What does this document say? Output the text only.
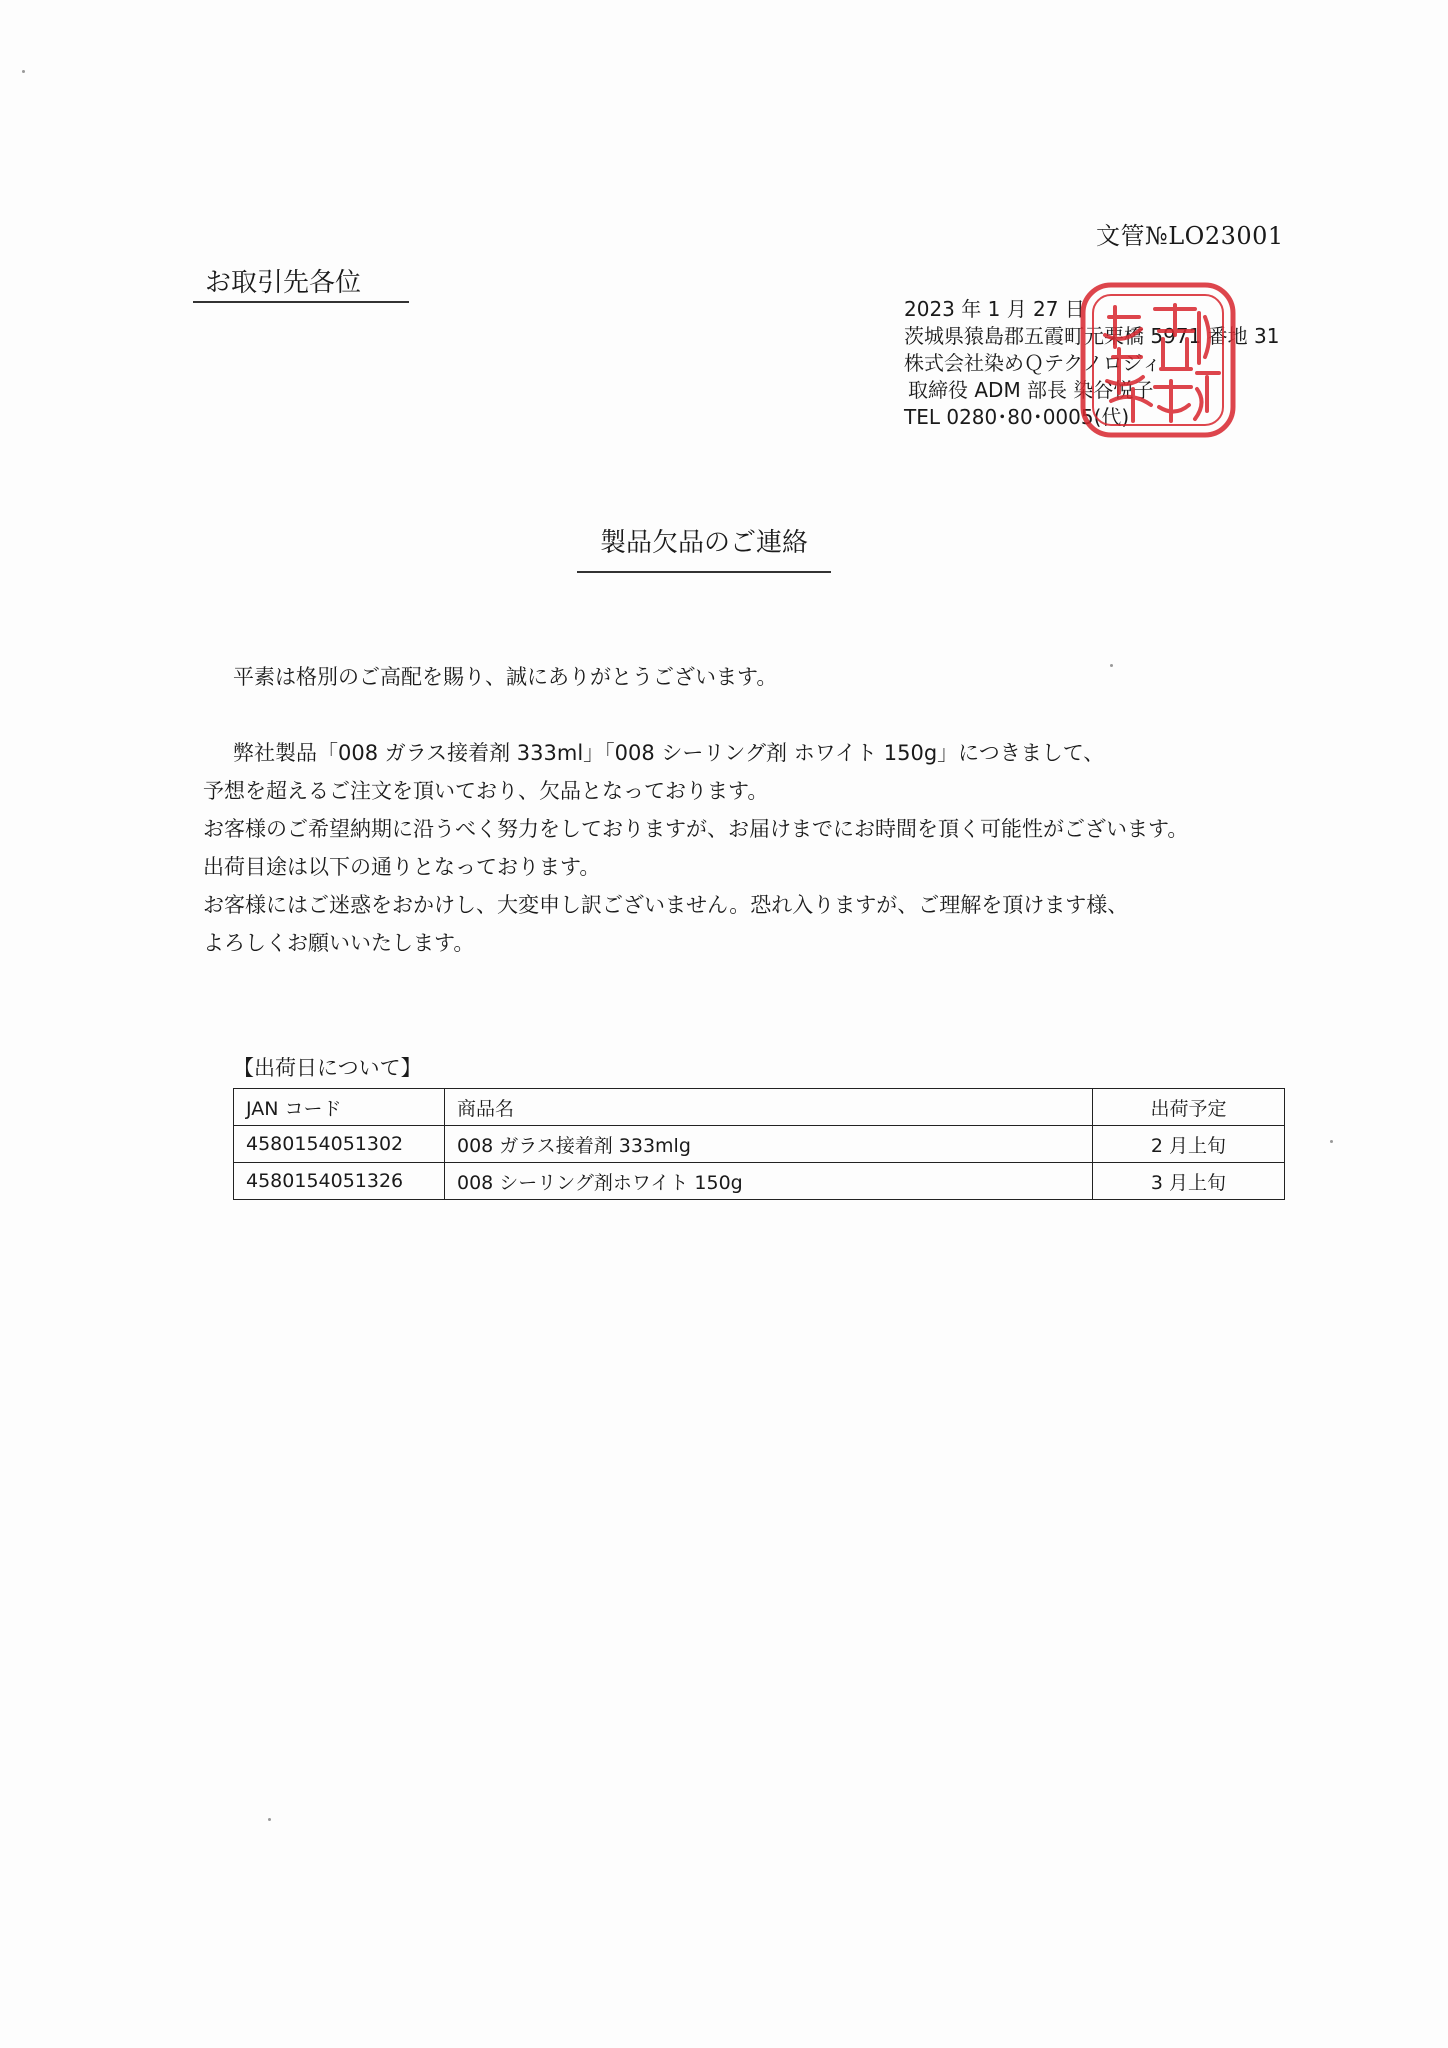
文管№LO23001
お取引先各位
2023 年 1 月 27 日
茨城県猿島郡五霞町元栗橋 5971 番地 31
株式会社染めＱテクノロジィ
取締役 ADM 部長 染谷悦子
TEL 0280･80･0005(代)
製品欠品のご連絡

平素は格別のご高配を賜り、誠にありがとうございます。

弊社製品「008 ガラス接着剤 333ml」「008 シーリング剤 ホワイト 150g」につきまして、

予想を超えるご注文を頂いており、欠品となっております。

お客様のご希望納期に沿うべく努力をしておりますが、お届けまでにお時間を頂く可能性がございます。

出荷目途は以下の通りとなっております。

お客様にはご迷惑をおかけし、大変申し訳ございません。恐れ入りますが、ご理解を頂けます様、

よろしくお願いいたします。

【出荷日について】
JAN コード	商品名	出荷予定
4580154051302	008 ガラス接着剤 333mlg	2 月上旬
4580154051326	008 シーリング剤ホワイト 150g	3 月上旬
